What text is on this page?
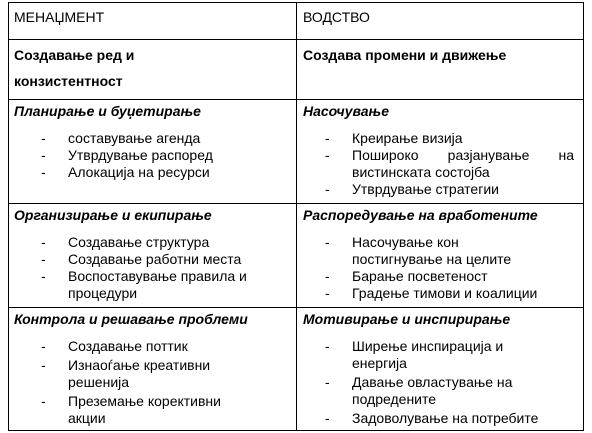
МЕНАЏМЕНТ	ВОДСТВО
Создавање ред и
конзистентност
Создава промени и движење
Планирање и буџетирање
- составување агенда
- Утврдување распоред
- Алокација на ресурси
Насочување
- Креирање визија
- Пошироко разјанување на вистинската состојба
- Утврдување стратегии
Организирање и екипирање
- Создавање структура
- Создавање работни места
- Воспоставување правила и процедури
Распоредување на вработените
- Насочување кон постигнување на целите
- Барање посветеност
- Градење тимови и коалиции
Контрола и решавање проблеми
- Создавање поттик
- Изнаоѓање креативни решенија
- Преземање корективни акции
Мотивирање и инспирирање
- Ширење инспирација и енергија
- Давање овластување на подредените
- Задоволување на потребите
